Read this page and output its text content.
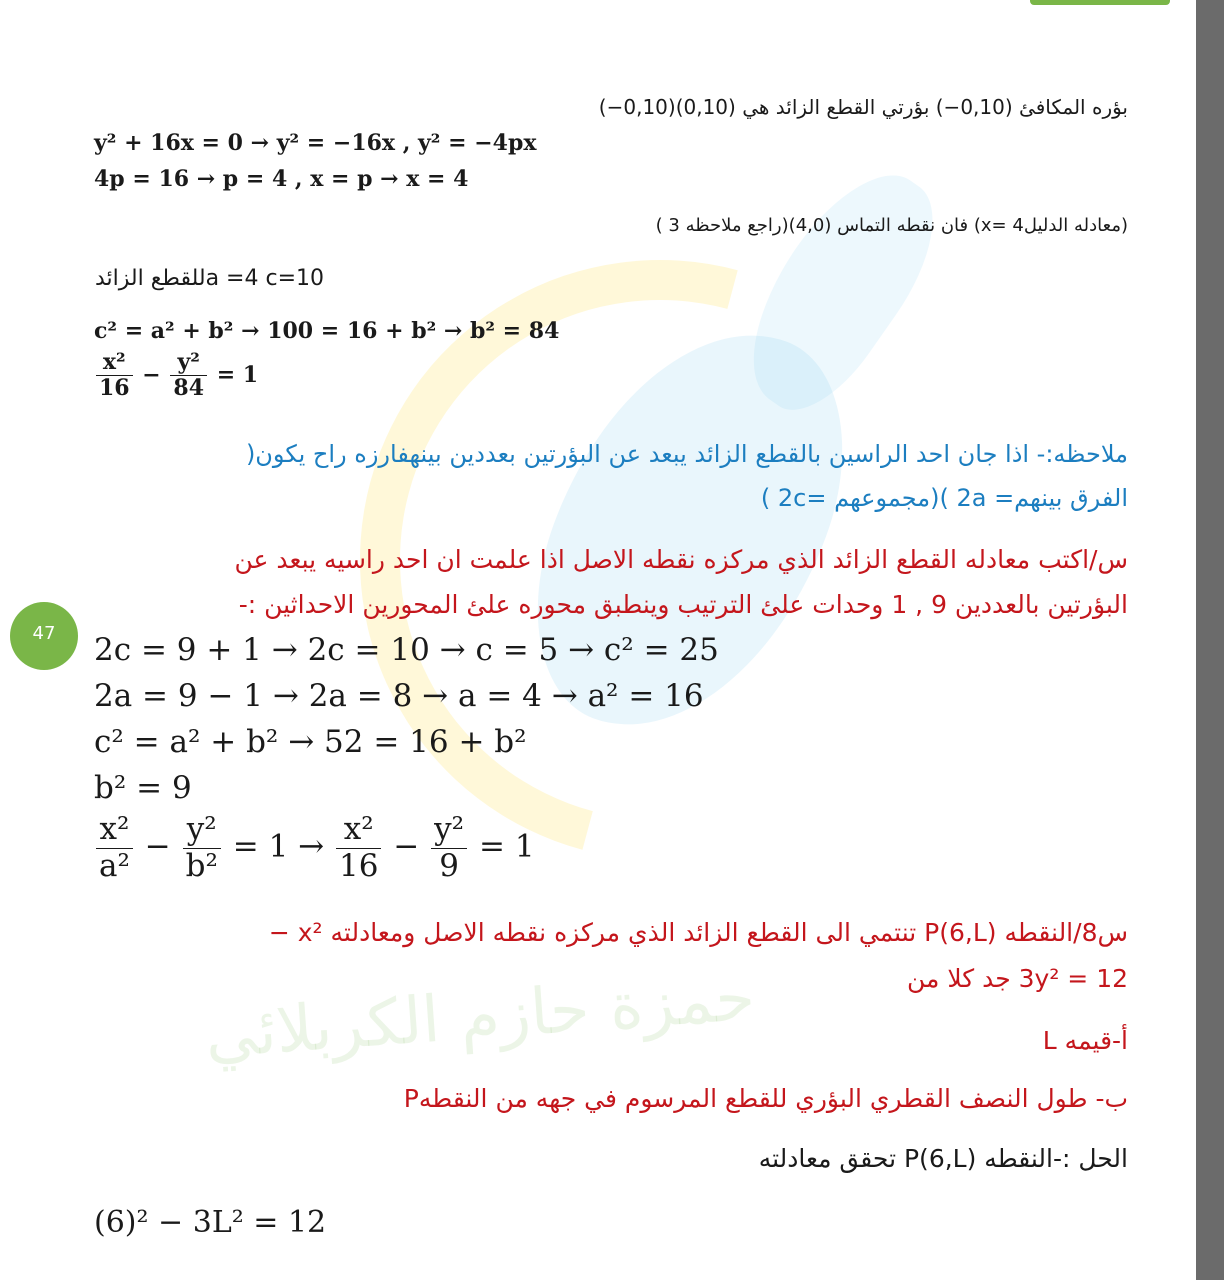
حمزة حازم الكربلائي
بؤره المكافئ (0,10−) بؤرتي القطع الزائد هي (0,10)(0,10−)
y² + 16x = 0 → y² = −16x , y² = −4px
4p = 16 → p = 4 , x = p → x = 4
(معادله الدليل4 =x) فان نقطه التماس (4,0)(راجع ملاحظه 3 )
a =4 c=10للقطع الزائد
c² = a² + b² → 100 = 16 + b² → b² = 84
$\frac{\text{x²}}{16} - \frac{\text{y²}}{84} = 1$
ملاحظه:- اذا جان احد الراسين بالقطع الزائد يبعد عن البؤرتين بعددين بينهفارزه راح يكون(
الفرق بينهم= 2a )(مجموعهم =2c )
س/اكتب معادله القطع الزائد الذي مركزه نقطه الاصل اذا علمت ان احد راسيه يبعد عن
البؤرتين بالعددين 9 , 1 وحدات علئ الترتيب وينطبق محوره علئ المحورين الاحداثين :-
47	2c = 9 + 1 → 2c = 10 → c = 5 → c² = 25
2a = 9 − 1 → 2a = 8 → a = 4 → a² = 16
c² = a² + b² → 52 = 16 + b²
b² = 9
$\frac{\text{x²}}{\text{a²}} - \frac{\text{y²}}{\text{b²}} = 1 \to \frac{\text{x²}}{16} - \frac{\text{y²}}{9} = 1$
س8/النقطه (P(6,L تنتمي الى القطع الزائد الذي مركزه نقطه الاصل ومعادلته x² −
3y² = 12 جد كلا من
أ-قيمه L
ب- طول النصف القطري البؤري للقطع المرسوم في جهه من النقطهP
الحل :-النقطه (P(6,L تحقق معادلته
(6)² − 3L² = 12
